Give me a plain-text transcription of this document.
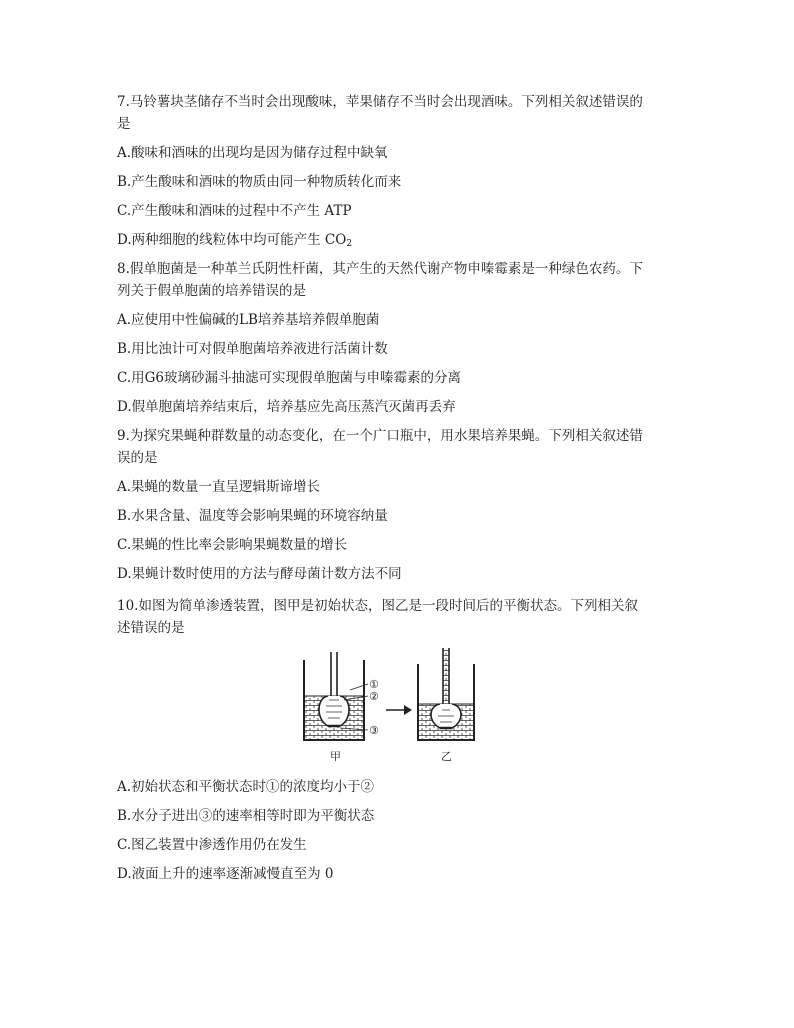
7.马铃薯块茎储存不当时会出现酸味，苹果储存不当时会出现酒味。下列相关叙述错误的
是
A.酸味和酒味的出现均是因为储存过程中缺氧
B.产生酸味和酒味的物质由同一种物质转化而来
C.产生酸味和酒味的过程中不产生 ATP
D.两种细胞的线粒体中均可能产生 $CO_2$
8.假单胞菌是一种革兰氏阴性杆菌，其产生的天然代谢产物申嗪霉素是一种绿色农药。下
列关于假单胞菌的培养错误的是
A.应使用中性偏碱的LB培养基培养假单胞菌
B.用比浊计可对假单胞菌培养液进行活菌计数
C.用G6玻璃砂漏斗抽滤可实现假单胞菌与申嗪霉素的分离
D.假单胞菌培养结束后，培养基应先高压蒸汽灭菌再丢弃
9.为探究果蝇种群数量的动态变化，在一个广口瓶中，用水果培养果蝇。下列相关叙述错
误的是
A.果蝇的数量一直呈逻辑斯谛增长
B.水果含量、温度等会影响果蝇的环境容纳量
C.果蝇的性比率会影响果蝇数量的增长
D.果蝇计数时使用的方法与酵母菌计数方法不同
10.如图为简单渗透装置，图甲是初始状态，图乙是一段时间后的平衡状态。下列相关叙
述错误的是
①
②
③
甲	乙
A.初始状态和平衡状态时①的浓度均小于②
B.水分子进出③的速率相等时即为平衡状态
C.图乙装置中渗透作用仍在发生
D.液面上升的速率逐渐减慢直至为 0
